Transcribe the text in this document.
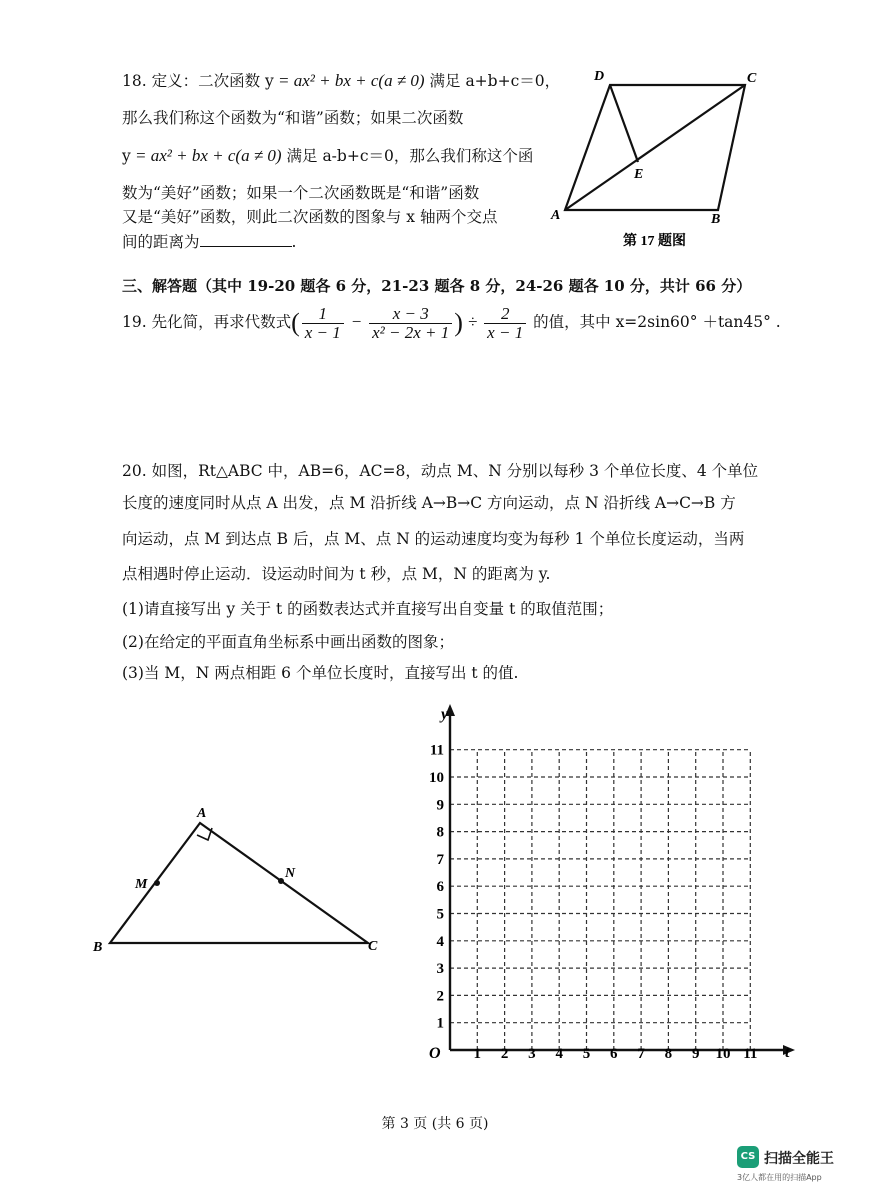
18. 定义：二次函数 y = ax² + bx + c(a ≠ 0) 满足 a+b+c＝0，
那么我们称这个函数为“和谐”函数；如果二次函数
y = ax² + bx + c(a ≠ 0) 满足 a-b+c＝0，那么我们称这个函
数为“美好”函数；如果一个二次函数既是“和谐”函数
又是“美好”函数，则此二次函数的图象与 x 轴两个交点
间的距离为	.
A	B
C
D
E
第 17 题图
三、解答题（其中 19-20 题各 6 分，21-23 题各 8 分，24-26 题各 10 分，共计 66 分）
19. 先化简，再求代数式( $\frac{1}{x - 1} - \frac{x - 3}{\text{x² − 2x + 1}}$ ) ÷ $\frac{2}{x - 1}$ 的值，其中 x=2sin60° ＋tan45° .
20. 如图，Rt△ABC 中，AB=6，AC=8，动点 M、N 分别以每秒 3 个单位长度、4 个单位
长度的速度同时从点 A 出发，点 M 沿折线 A→B→C 方向运动，点 N 沿折线 A→C→B 方
向运动，点 M 到达点 B 后，点 M、点 N 的运动速度均变为每秒 1 个单位长度运动，当两
点相遇时停止运动．设运动时间为 t 秒，点 M，N 的距离为 y.
(1)请直接写出 y 关于 t 的函数表达式并直接写出自变量 t 的取值范围；
(2)在给定的平面直角坐标系中画出函数的图象；
(3)当 M，N 两点相距 6 个单位长度时，直接写出 t 的值.
A
B	C
M
N
y
t
O 1 2 3 4 5 6 7 8 9 10 11
1
2
3
4
5
6
7
8
9
10
11
第 3 页 (共 6 页)
CS 扫描全能王
3亿人都在用的扫描App
